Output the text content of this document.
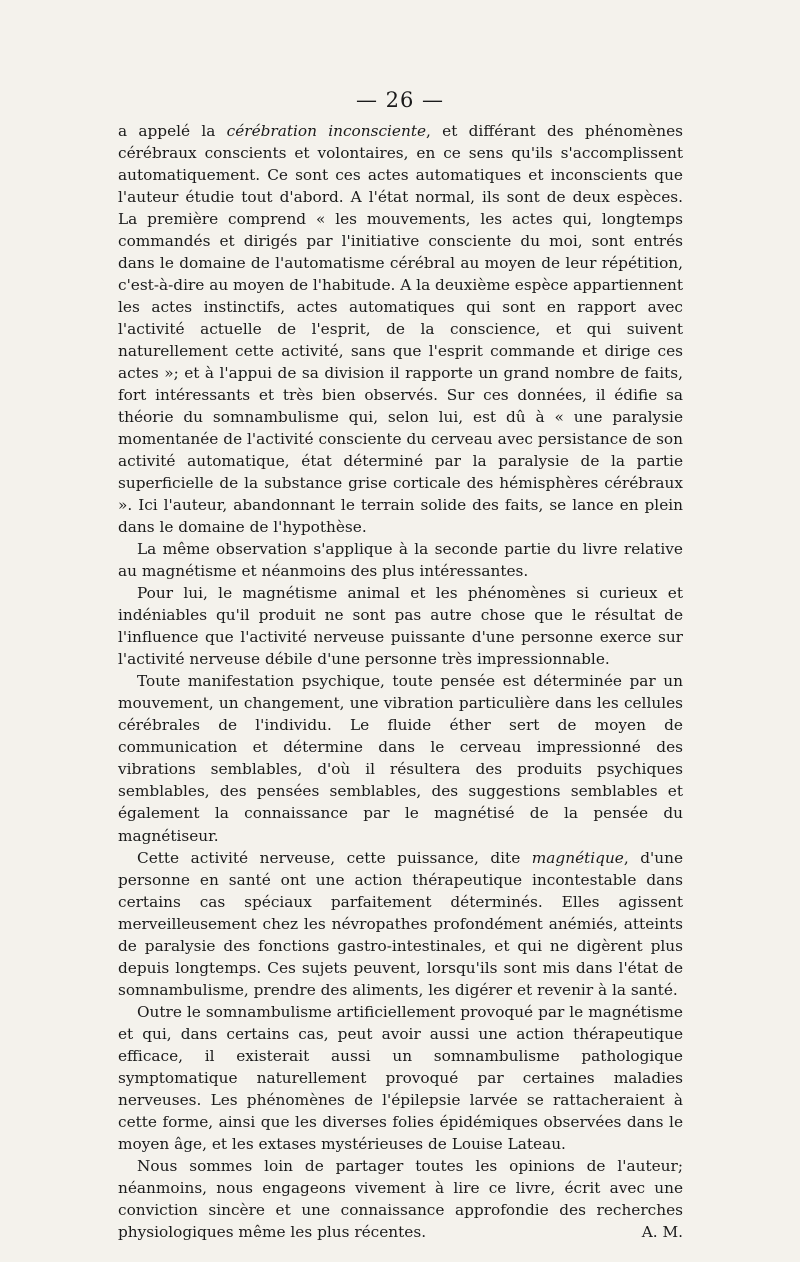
— 26 —

a appelé la cérébration inconsciente, et différant des phénomènes cérébraux conscients et volontaires, en ce sens qu'ils s'accomplissent automatiquement. Ce sont ces actes automatiques et inconscients que l'auteur étudie tout d'abord. A l'état normal, ils sont de deux espèces. La première comprend « les mouvements, les actes qui, longtemps commandés et dirigés par l'initiative consciente du moi, sont entrés dans le domaine de l'automatisme cérébral au moyen de leur répétition, c'est-à-dire au moyen de l'habitude. A la deuxième espèce appartiennent les actes instinctifs, actes automatiques qui sont en rapport avec l'activité actuelle de l'esprit, de la conscience, et qui suivent naturellement cette activité, sans que l'esprit commande et dirige ces actes »; et à l'appui de sa division il rapporte un grand nombre de faits, fort intéressants et très bien observés. Sur ces données, il édifie sa théorie du somnambulisme qui, selon lui, est dû à « une paralysie momentanée de l'activité consciente du cerveau avec persistance de son activité automatique, état déterminé par la paralysie de la partie superficielle de la substance grise corticale des hémisphères cérébraux ». Ici l'auteur, abandonnant le terrain solide des faits, se lance en plein dans le domaine de l'hypothèse.

La même observation s'applique à la seconde partie du livre relative au magnétisme et néanmoins des plus intéressantes.

Pour lui, le magnétisme animal et les phénomènes si curieux et indéniables qu'il produit ne sont pas autre chose que le résultat de l'influence que l'activité nerveuse puissante d'une personne exerce sur l'activité nerveuse débile d'une personne très impressionnable.

Toute manifestation psychique, toute pensée est déterminée par un mouvement, un changement, une vibration particulière dans les cellules cérébrales de l'individu. Le fluide éther sert de moyen de communication et détermine dans le cerveau impressionné des vibrations semblables, d'où il résultera des produits psychiques semblables, des pensées semblables, des suggestions semblables et également la connaissance par le magnétisé de la pensée du magnétiseur.

Cette activité nerveuse, cette puissance, dite magnétique, d'une personne en santé ont une action thérapeutique incontestable dans certains cas spéciaux parfaitement déterminés. Elles agissent merveilleusement chez les névropathes profondément anémiés, atteints de paralysie des fonctions gastro-intestinales, et qui ne digèrent plus depuis longtemps. Ces sujets peuvent, lorsqu'ils sont mis dans l'état de somnambulisme, prendre des aliments, les digérer et revenir à la santé.

Outre le somnambulisme artificiellement provoqué par le magnétisme et qui, dans certains cas, peut avoir aussi une action thérapeutique efficace, il existerait aussi un somnambulisme pathologique symptomatique naturellement provoqué par certaines maladies nerveuses. Les phénomènes de l'épilepsie larvée se rattacheraient à cette forme, ainsi que les diverses folies épidémiques observées dans le moyen âge, et les extases mystérieuses de Louise Lateau.

Nous sommes loin de partager toutes les opinions de l'auteur; néanmoins, nous engageons vivement à lire ce livre, écrit avec une conviction sincère et une connaissance approfondie des recherches physiologiques même les plus récentes.	A. M.
